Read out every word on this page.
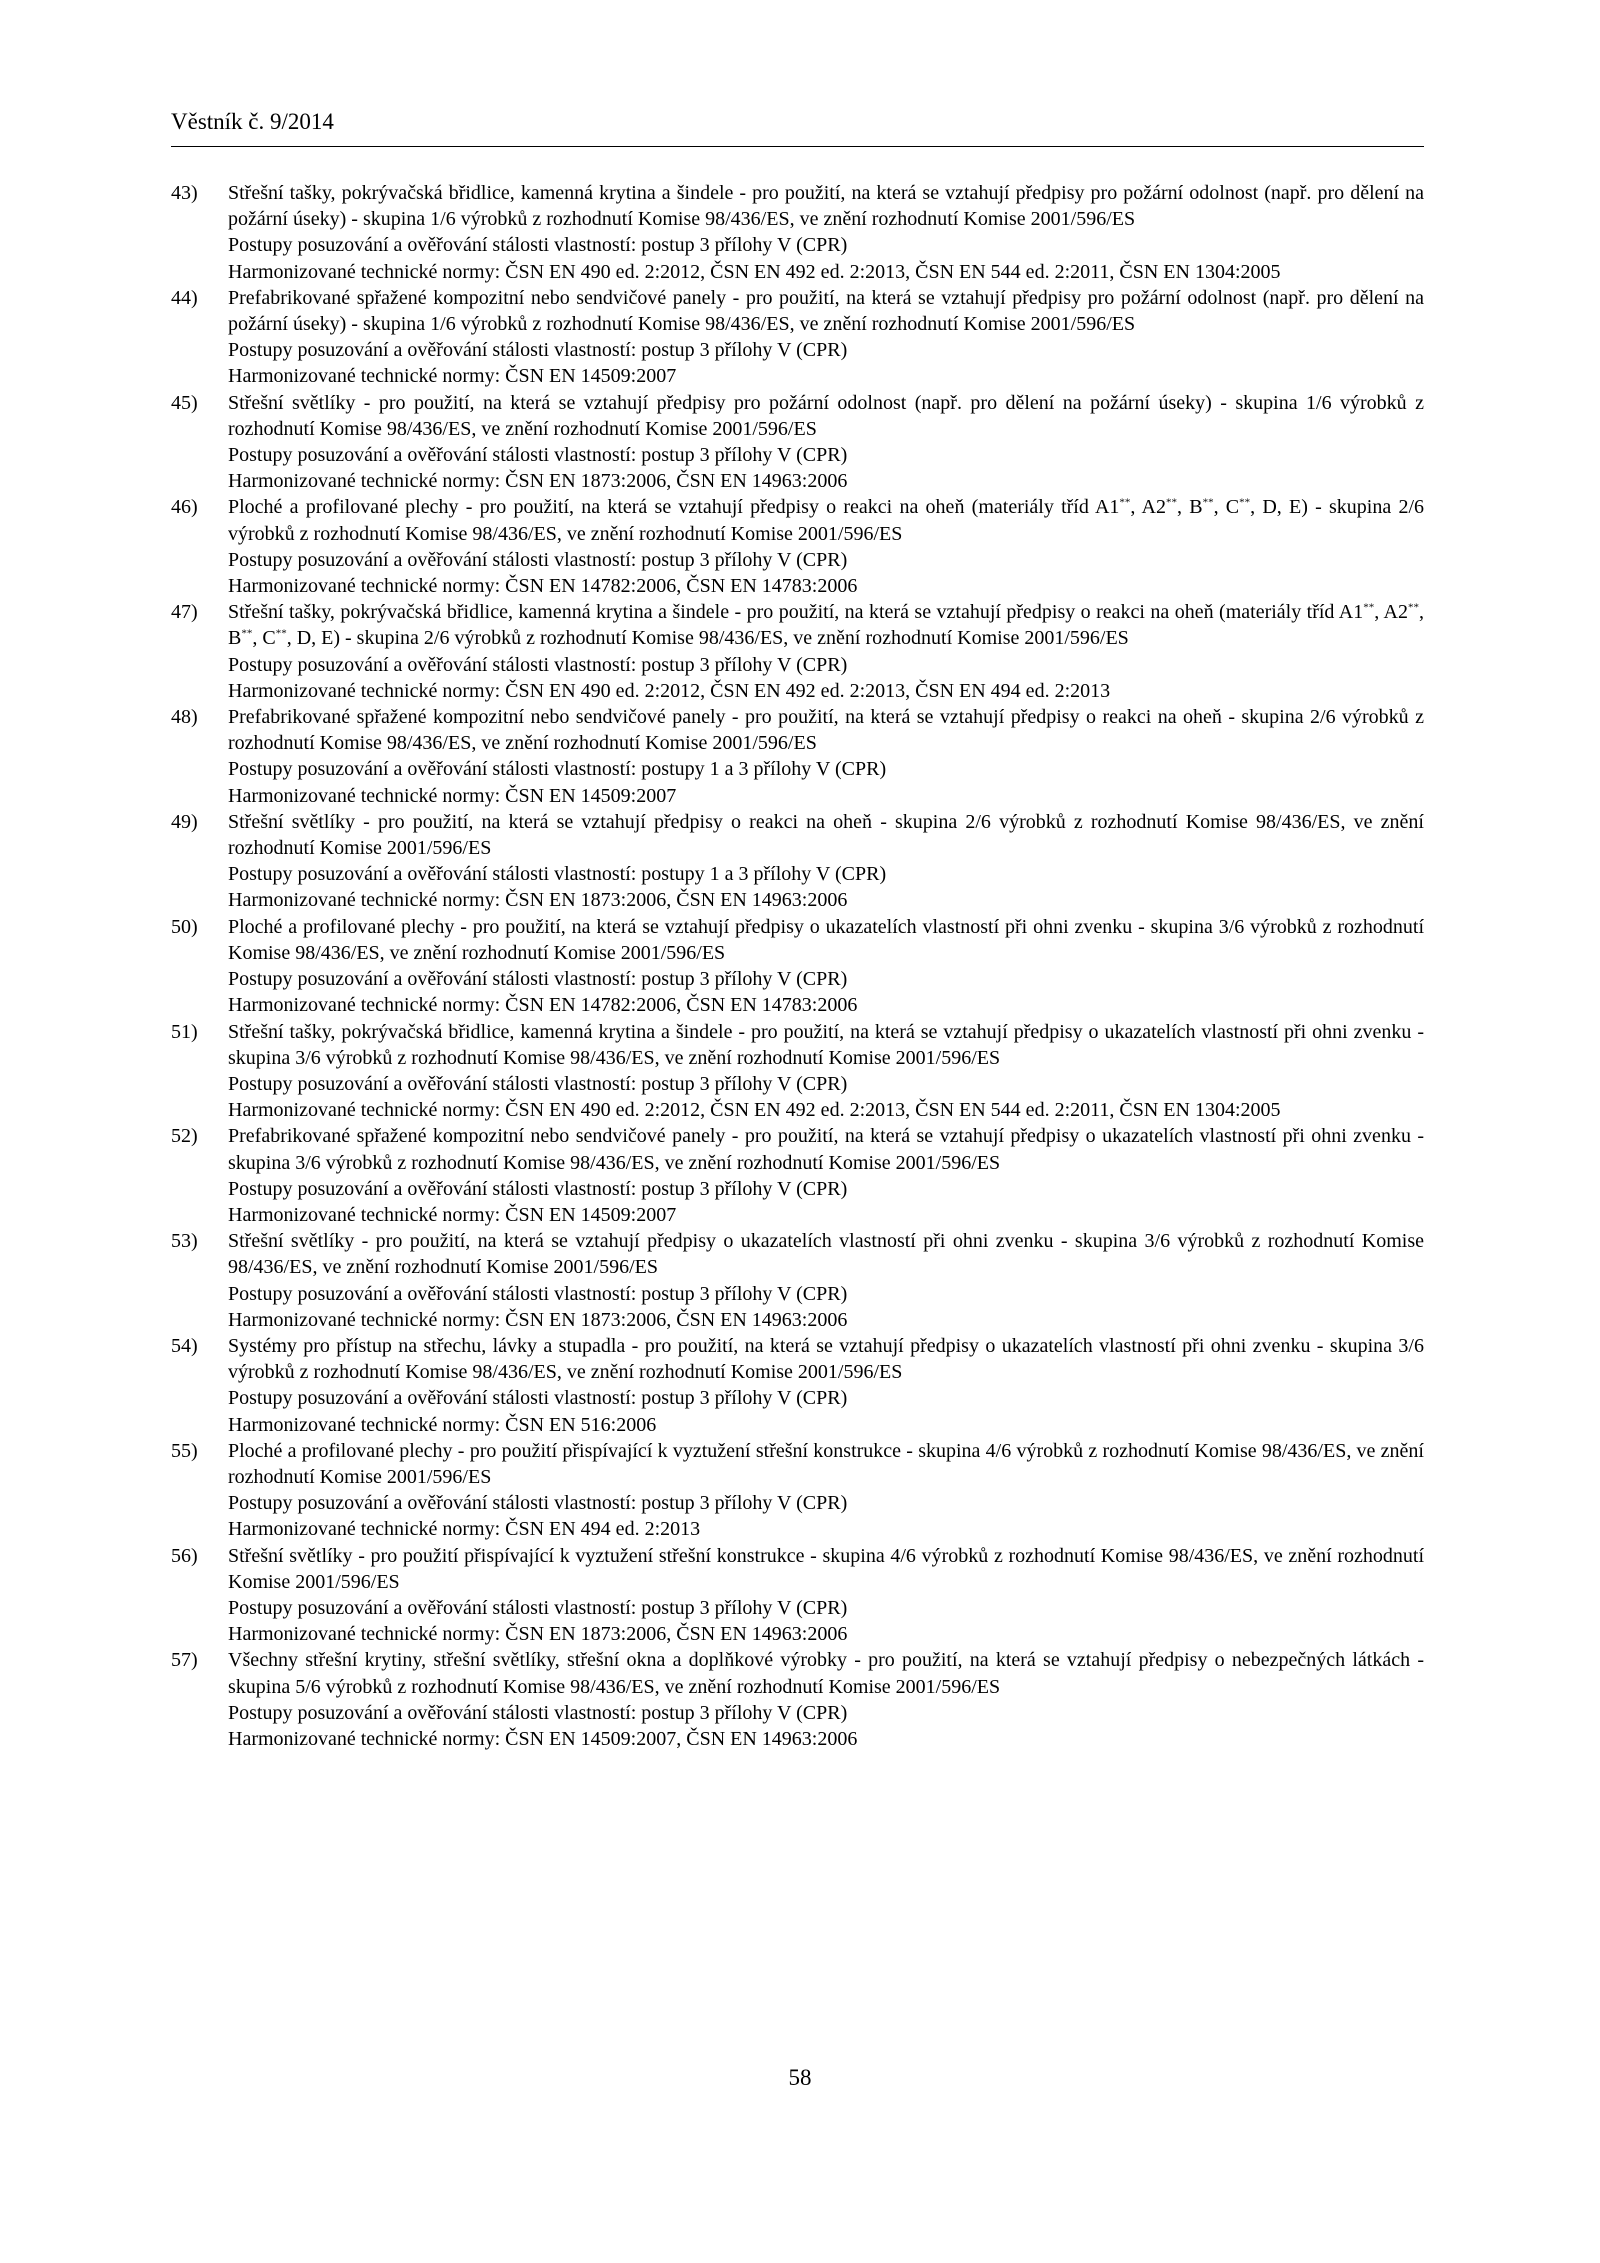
Věstník č. 9/2014
43) Střešní tašky, pokrývačská břidlice, kamenná krytina a šindele - pro použití, na která se vztahují předpisy pro požární odolnost (např. pro dělení na požární úseky) - skupina 1/6 výrobků z rozhodnutí Komise 98/436/ES, ve znění rozhodnutí Komise 2001/596/ES
Postupy posuzování a ověřování stálosti vlastností: postup 3 přílohy V (CPR)
Harmonizované technické normy: ČSN EN 490 ed. 2:2012, ČSN EN 492 ed. 2:2013, ČSN EN 544 ed. 2:2011, ČSN EN 1304:2005
44) Prefabrikované spřažené kompozitní nebo sendvičové panely - pro použití, na která se vztahují předpisy pro požární odolnost (např. pro dělení na požární úseky) - skupina 1/6 výrobků z rozhodnutí Komise 98/436/ES, ve znění rozhodnutí Komise 2001/596/ES
Postupy posuzování a ověřování stálosti vlastností: postup 3 přílohy V (CPR)
Harmonizované technické normy: ČSN EN 14509:2007
45) Střešní světlíky - pro použití, na která se vztahují předpisy pro požární odolnost (např. pro dělení na požární úseky) - skupina 1/6 výrobků z rozhodnutí Komise 98/436/ES, ve znění rozhodnutí Komise 2001/596/ES
Postupy posuzování a ověřování stálosti vlastností: postup 3 přílohy V (CPR)
Harmonizované technické normy: ČSN EN 1873:2006, ČSN EN 14963:2006
46) Ploché a profilované plechy - pro použití, na která se vztahují předpisy o reakci na oheň (materiály tříd A1**, A2**, B**, C**, D, E) - skupina 2/6 výrobků z rozhodnutí Komise 98/436/ES, ve znění rozhodnutí Komise 2001/596/ES
Postupy posuzování a ověřování stálosti vlastností: postup 3 přílohy V (CPR)
Harmonizované technické normy: ČSN EN 14782:2006, ČSN EN 14783:2006
47) Střešní tašky, pokrývačská břidlice, kamenná krytina a šindele - pro použití, na která se vztahují předpisy o reakci na oheň (materiály tříd A1**, A2**, B**, C**, D, E) - skupina 2/6 výrobků z rozhodnutí Komise 98/436/ES, ve znění rozhodnutí Komise 2001/596/ES
Postupy posuzování a ověřování stálosti vlastností: postup 3 přílohy V (CPR)
Harmonizované technické normy: ČSN EN 490 ed. 2:2012, ČSN EN 492 ed. 2:2013, ČSN EN 494 ed. 2:2013
48) Prefabrikované spřažené kompozitní nebo sendvičové panely - pro použití, na která se vztahují předpisy o reakci na oheň - skupina 2/6 výrobků z rozhodnutí Komise 98/436/ES, ve znění rozhodnutí Komise 2001/596/ES
Postupy posuzování a ověřování stálosti vlastností: postupy 1 a 3 přílohy V (CPR)
Harmonizované technické normy: ČSN EN 14509:2007
49) Střešní světlíky - pro použití, na která se vztahují předpisy o reakci na oheň - skupina 2/6 výrobků z rozhodnutí Komise 98/436/ES, ve znění rozhodnutí Komise 2001/596/ES
Postupy posuzování a ověřování stálosti vlastností: postupy 1 a 3 přílohy V (CPR)
Harmonizované technické normy: ČSN EN 1873:2006, ČSN EN 14963:2006
50) Ploché a profilované plechy - pro použití, na která se vztahují předpisy o ukazatelích vlastností při ohni zvenku - skupina 3/6 výrobků z rozhodnutí Komise 98/436/ES, ve znění rozhodnutí Komise 2001/596/ES
Postupy posuzování a ověřování stálosti vlastností: postup 3 přílohy V (CPR)
Harmonizované technické normy: ČSN EN 14782:2006, ČSN EN 14783:2006
51) Střešní tašky, pokrývačská břidlice, kamenná krytina a šindele - pro použití, na která se vztahují předpisy o ukazatelích vlastností při ohni zvenku - skupina 3/6 výrobků z rozhodnutí Komise 98/436/ES, ve znění rozhodnutí Komise 2001/596/ES
Postupy posuzování a ověřování stálosti vlastností: postup 3 přílohy V (CPR)
Harmonizované technické normy: ČSN EN 490 ed. 2:2012, ČSN EN 492 ed. 2:2013, ČSN EN 544 ed. 2:2011, ČSN EN 1304:2005
52) Prefabrikované spřažené kompozitní nebo sendvičové panely - pro použití, na která se vztahují předpisy o ukazatelích vlastností při ohni zvenku - skupina 3/6 výrobků z rozhodnutí Komise 98/436/ES, ve znění rozhodnutí Komise 2001/596/ES
Postupy posuzování a ověřování stálosti vlastností: postup 3 přílohy V (CPR)
Harmonizované technické normy: ČSN EN 14509:2007
53) Střešní světlíky - pro použití, na která se vztahují předpisy o ukazatelích vlastností při ohni zvenku - skupina 3/6 výrobků z rozhodnutí Komise 98/436/ES, ve znění rozhodnutí Komise 2001/596/ES
Postupy posuzování a ověřování stálosti vlastností: postup 3 přílohy V (CPR)
Harmonizované technické normy: ČSN EN 1873:2006, ČSN EN 14963:2006
54) Systémy pro přístup na střechu, lávky a stupadla - pro použití, na která se vztahují předpisy o ukazatelích vlastností při ohni zvenku - skupina 3/6 výrobků z rozhodnutí Komise 98/436/ES, ve znění rozhodnutí Komise 2001/596/ES
Postupy posuzování a ověřování stálosti vlastností: postup 3 přílohy V (CPR)
Harmonizované technické normy: ČSN EN 516:2006
55) Ploché a profilované plechy - pro použití přispívající k vyztužení střešní konstrukce - skupina 4/6 výrobků z rozhodnutí Komise 98/436/ES, ve znění rozhodnutí Komise 2001/596/ES
Postupy posuzování a ověřování stálosti vlastností: postup 3 přílohy V (CPR)
Harmonizované technické normy: ČSN EN 494 ed. 2:2013
56) Střešní světlíky - pro použití přispívající k vyztužení střešní konstrukce - skupina 4/6 výrobků z rozhodnutí Komise 98/436/ES, ve znění rozhodnutí Komise 2001/596/ES
Postupy posuzování a ověřování stálosti vlastností: postup 3 přílohy V (CPR)
Harmonizované technické normy: ČSN EN 1873:2006, ČSN EN 14963:2006
57) Všechny střešní krytiny, střešní světlíky, střešní okna a doplňkové výrobky - pro použití, na která se vztahují předpisy o nebezpečných látkách - skupina 5/6 výrobků z rozhodnutí Komise 98/436/ES, ve znění rozhodnutí Komise 2001/596/ES
Postupy posuzování a ověřování stálosti vlastností: postup 3 přílohy V (CPR)
Harmonizované technické normy: ČSN EN 14509:2007, ČSN EN 14963:2006
58
